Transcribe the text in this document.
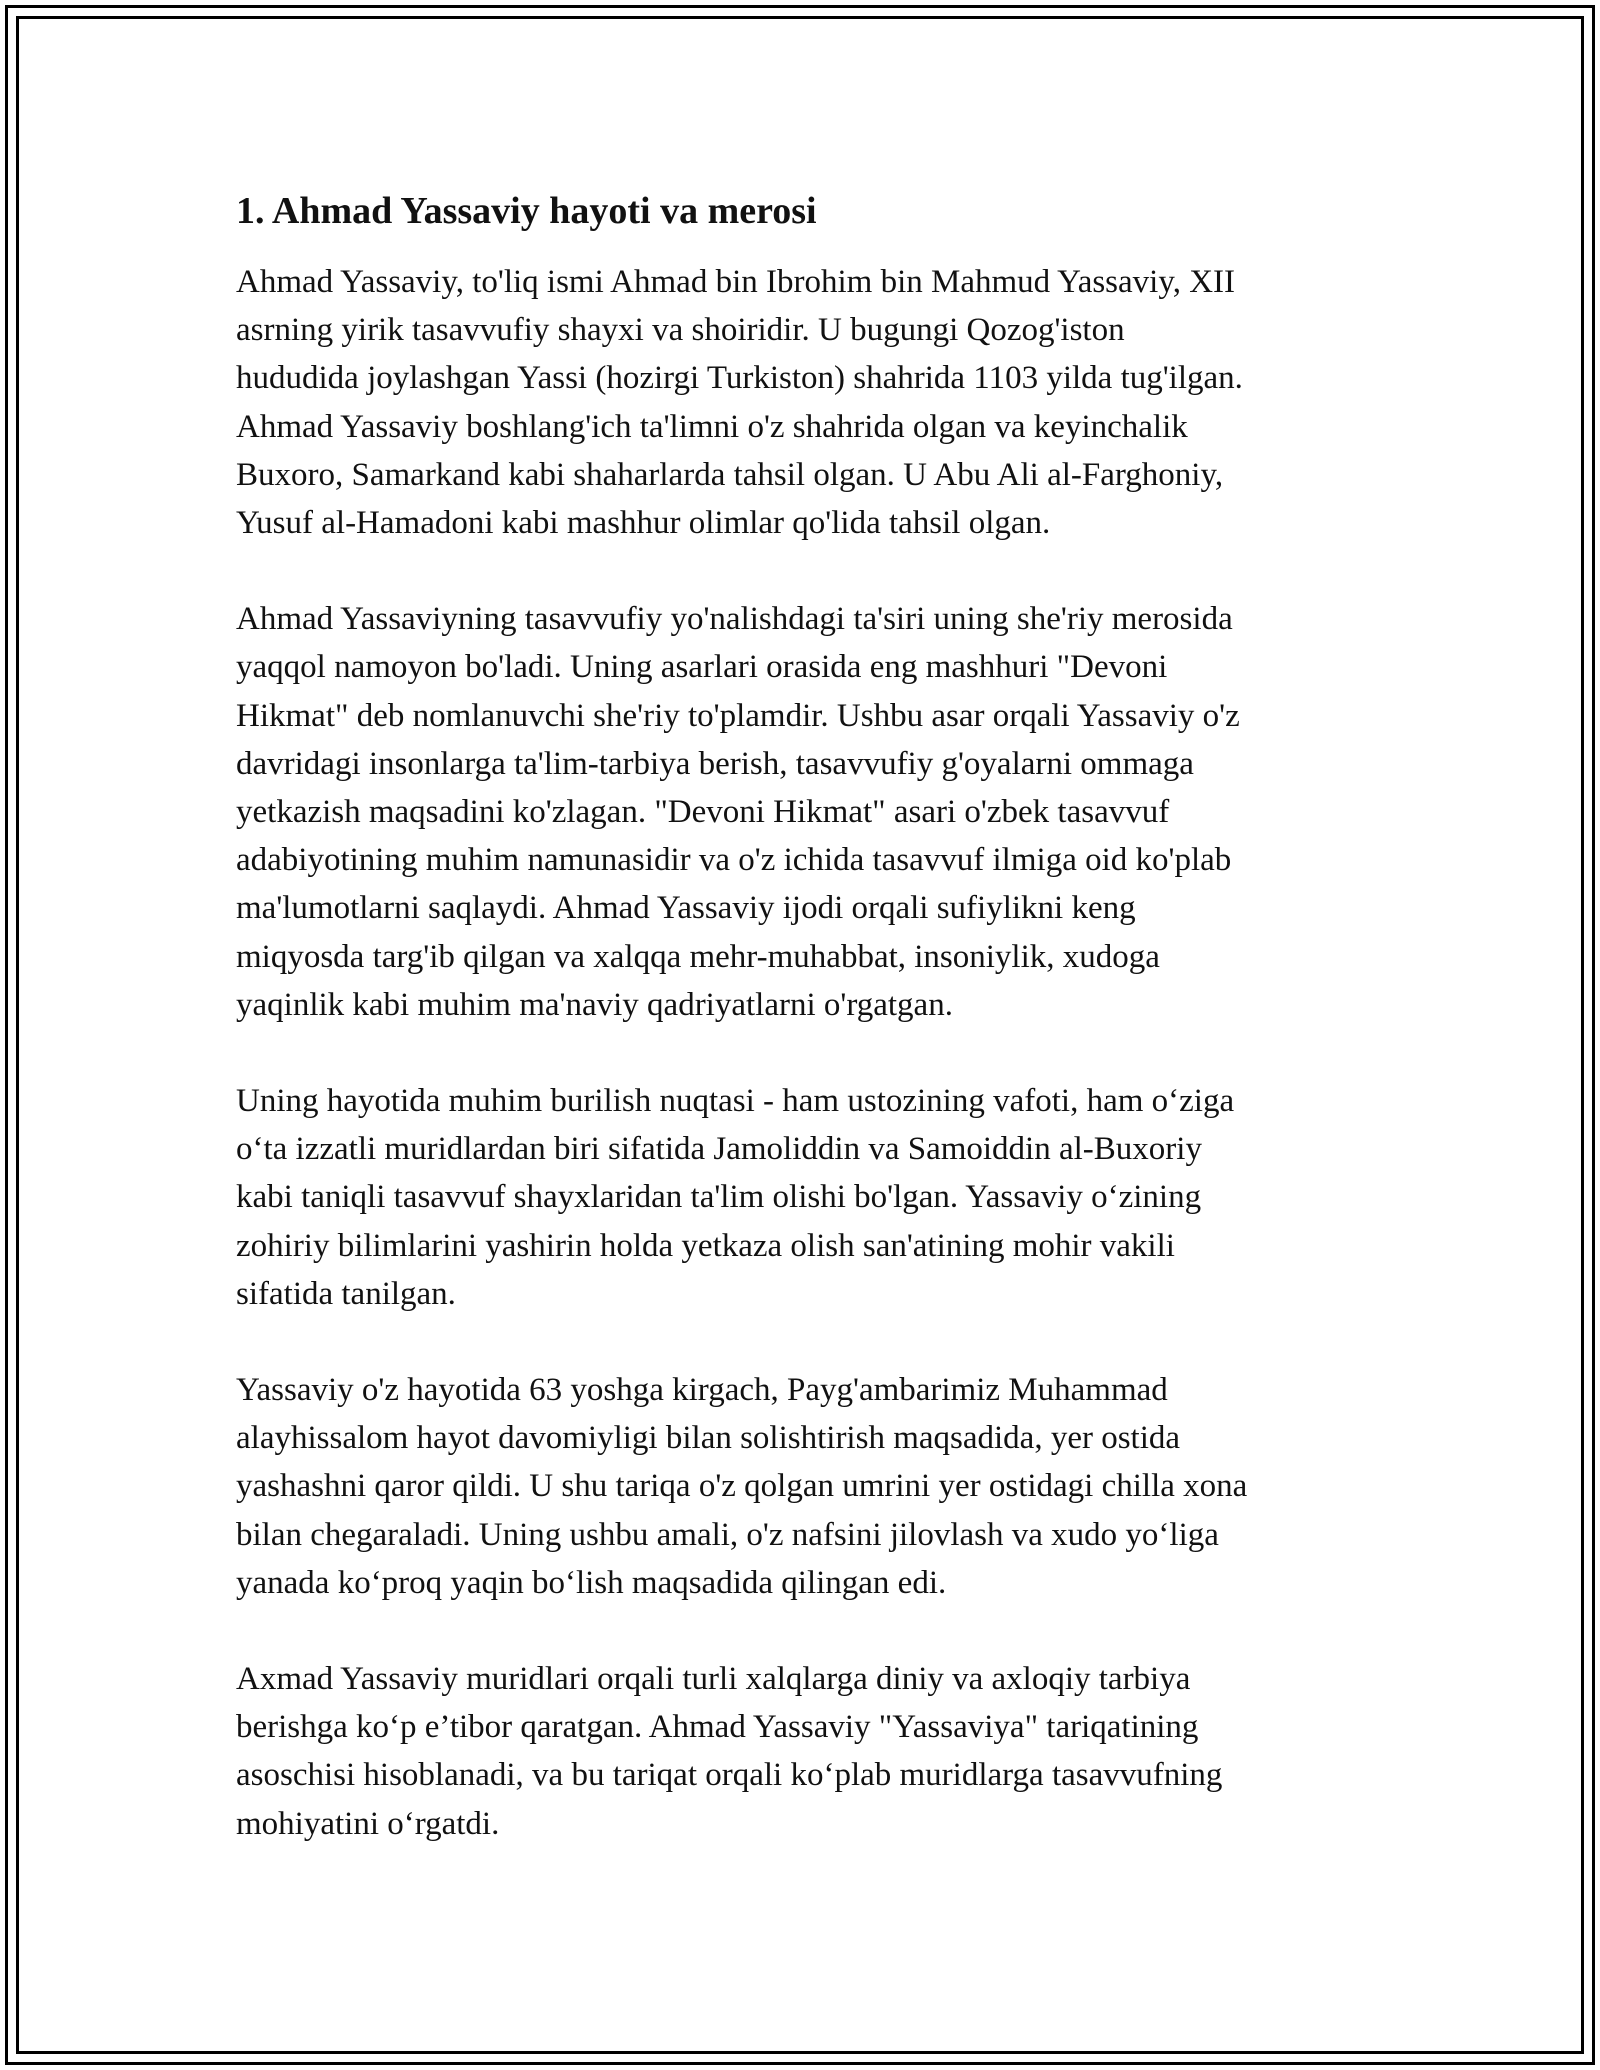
1. Ahmad Yassaviy hayoti va merosi

Ahmad Yassaviy, to'liq ismi Ahmad bin Ibrohim bin Mahmud Yassaviy, XII
asrning yirik tasavvufiy shayxi va shoiridir. U bugungi Qozog'iston
hududida joylashgan Yassi (hozirgi Turkiston) shahrida 1103 yilda tug'ilgan.
Ahmad Yassaviy boshlang'ich ta'limni o'z shahrida olgan va keyinchalik
Buxoro, Samarkand kabi shaharlarda tahsil olgan. U Abu Ali al-Farghoniy,
Yusuf al-Hamadoni kabi mashhur olimlar qo'lida tahsil olgan.

Ahmad Yassaviyning tasavvufiy yo'nalishdagi ta'siri uning she'riy merosida
yaqqol namoyon bo'ladi. Uning asarlari orasida eng mashhuri "Devoni
Hikmat" deb nomlanuvchi she'riy to'plamdir. Ushbu asar orqali Yassaviy o'z
davridagi insonlarga ta'lim-tarbiya berish, tasavvufiy g'oyalarni ommaga
yetkazish maqsadini ko'zlagan. "Devoni Hikmat" asari o'zbek tasavvuf
adabiyotining muhim namunasidir va o'z ichida tasavvuf ilmiga oid ko'plab
ma'lumotlarni saqlaydi. Ahmad Yassaviy ijodi orqali sufiylikni keng
miqyosda targ'ib qilgan va xalqqa mehr-muhabbat, insoniylik, xudoga
yaqinlik kabi muhim ma'naviy qadriyatlarni o'rgatgan.

Uning hayotida muhim burilish nuqtasi - ham ustozining vafoti, ham o‘ziga
o‘ta izzatli muridlardan biri sifatida Jamoliddin va Samoiddin al-Buxoriy
kabi taniqli tasavvuf shayxlaridan ta'lim olishi bo'lgan. Yassaviy o‘zining
zohiriy bilimlarini yashirin holda yetkaza olish san'atining mohir vakili
sifatida tanilgan.

Yassaviy o'z hayotida 63 yoshga kirgach, Payg'ambarimiz Muhammad
alayhissalom hayot davomiyligi bilan solishtirish maqsadida, yer ostida
yashashni qaror qildi. U shu tariqa o'z qolgan umrini yer ostidagi chilla xona
bilan chegaraladi. Uning ushbu amali, o'z nafsini jilovlash va xudo yo‘liga
yanada ko‘proq yaqin bo‘lish maqsadida qilingan edi.

Axmad Yassaviy muridlari orqali turli xalqlarga diniy va axloqiy tarbiya
berishga ko‘p e’tibor qaratgan. Ahmad Yassaviy "Yassaviya" tariqatining
asoschisi hisoblanadi, va bu tariqat orqali ko‘plab muridlarga tasavvufning
mohiyatini o‘rgatdi.
